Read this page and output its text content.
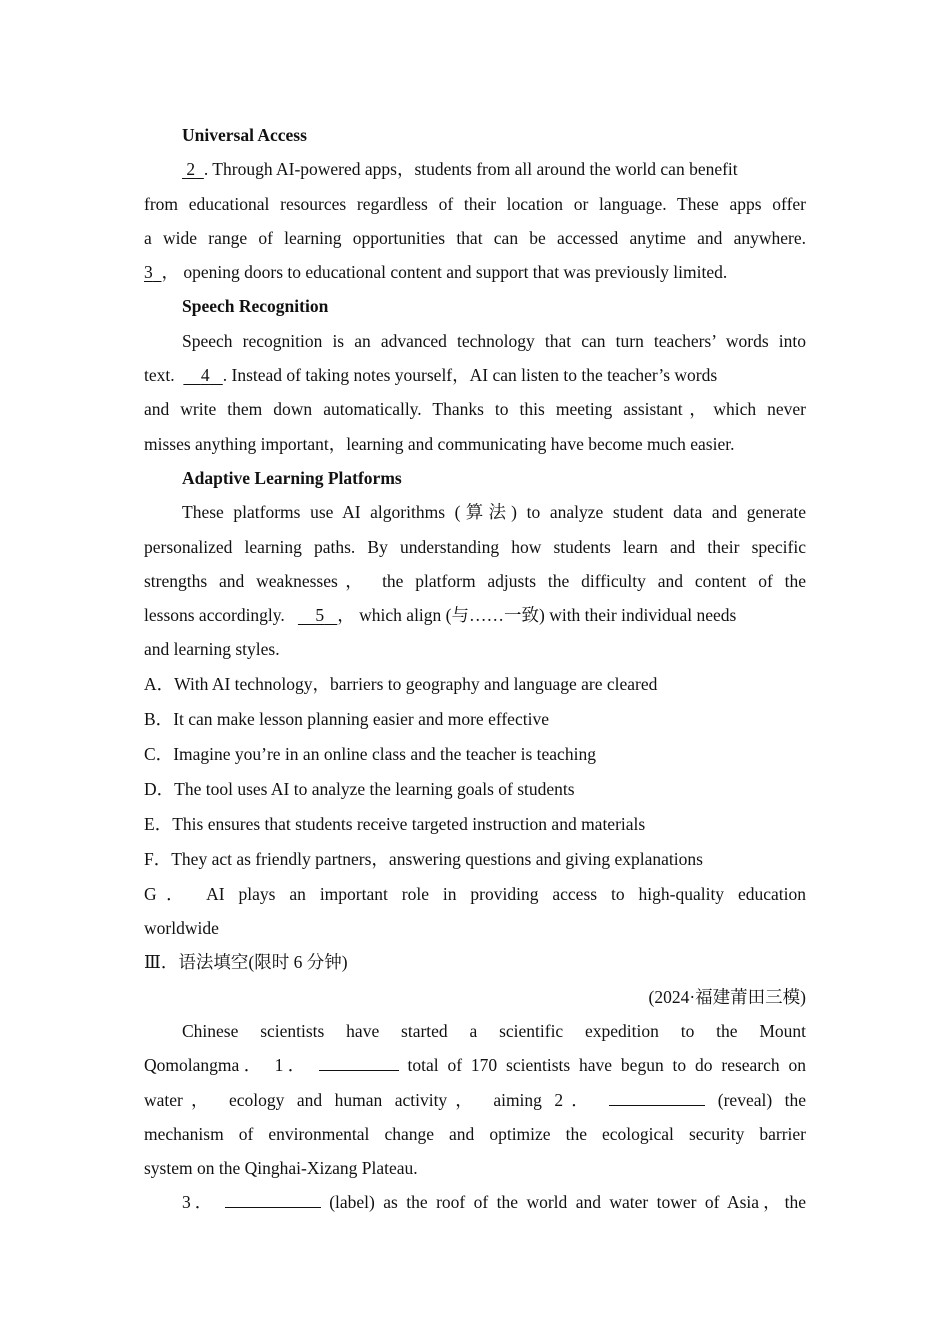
Universal Access
2 . Through AI-powered apps，students from all around the world can benefit
from educational resources regardless of their location or language. These apps offer
a wide range of learning opportunities that can be accessed anytime and anywhere.
3 ， opening doors to educational content and support that was previously limited.
Speech Recognition
Speech recognition is an advanced technology that can turn teachers’ words into
text. 4 . Instead of taking notes yourself，AI can listen to the teacher’s words
and write them down automatically. Thanks to this meeting assistant，which never
misses anything important，learning and communicating have become much easier.
Adaptive Learning Platforms
These platforms use AI algorithms (算法) to analyze student data and generate
personalized learning paths. By understanding how students learn and their specific
strengths and weaknesses， the platform adjusts the difficulty and content of the
lessons accordingly. 5 ， which align (与……一致) with their individual needs
and learning styles.
A．With AI technology，barriers to geography and language are cleared
B．It can make lesson planning easier and more effective
C．Imagine you’re in an online class and the teacher is teaching
D．The tool uses AI to analyze the learning goals of students
E．This ensures that students receive targeted instruction and materials
F．They act as friendly partners，answering questions and giving explanations
G． AI plays an important role in providing access to high-quality education
worldwide
Ⅲ．语法填空(限时 6 分钟)
(2024·福建莆田三模)
Chinese scientists have started a scientific expedition to the Mount
Qomolangma． 1．	total of 170 scientists have begun to do research on
water， ecology and human activity， aiming 2．	(reveal) the
mechanism of environmental change and optimize the ecological security barrier
system on the Qinghai-Xizang Plateau.
3．	(label) as the roof of the world and water tower of Asia，the
